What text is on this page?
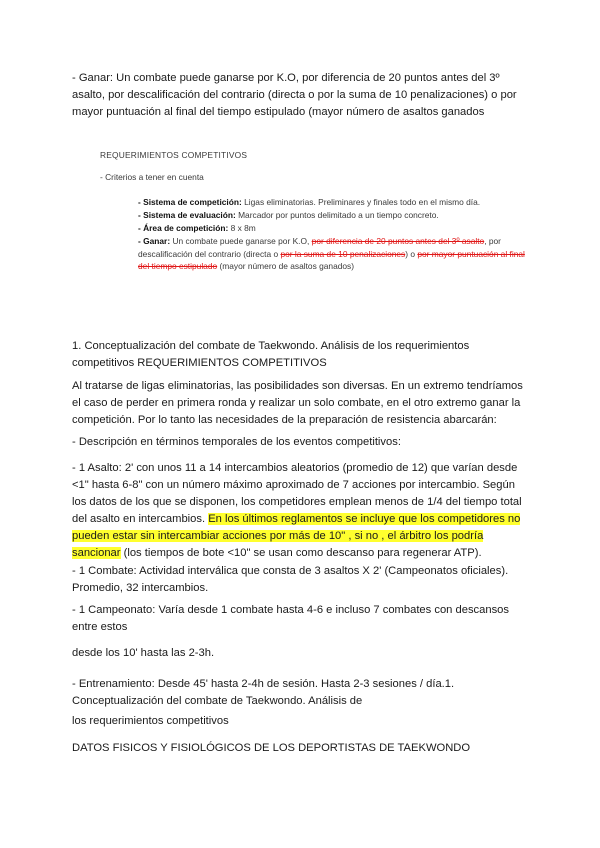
- Ganar: Un combate puede ganarse por K.O, por diferencia de 20 puntos antes del 3º asalto, por descalificación del contrario (directa o por la suma de 10 penalizaciones) o por mayor puntuación al final del tiempo estipulado (mayor número de asaltos ganados

REQUERIMIENTOS COMPETITIVOS

- Criterios a tener en cuenta

- Sistema de competición: Ligas eliminatorias. Preliminares y finales todo en el mismo día.

- Sistema de evaluación: Marcador por puntos delimitado a un tiempo concreto.

- Área de competición: 8 x 8m

- Ganar: Un combate puede ganarse por K.O, por diferencia de 20 puntos antes del 3º asalto, por descalificación del contrario (directa o por la suma de 10 penalizaciones) o por mayor puntuación al final del tiempo estipulado (mayor número de asaltos ganados)

1. Conceptualización del combate de Taekwondo. Análisis de los requerimientos competitivos REQUERIMIENTOS COMPETITIVOS

Al tratarse de ligas eliminatorias, las posibilidades son diversas. En un extremo tendríamos el caso de perder en primera ronda y realizar un solo combate, en el otro extremo ganar la competición. Por lo tanto las necesidades de la preparación de resistencia abarcarán:

- Descripción en términos temporales de los eventos competitivos:

- 1 Asalto: 2' con unos 11 a 14 intercambios aleatorios (promedio de 12) que varían desde <1" hasta 6-8" con un número máximo aproximado de 7 acciones por intercambio. Según los datos de los que se disponen, los competidores emplean menos de 1/4 del tiempo total del asalto en intercambios. En los últimos reglamentos se incluye que los competidores no pueden estar sin intercambiar acciones por más de 10" , si no , el árbitro los podría sancionar (los tiempos de bote <10" se usan como descanso para regenerar ATP).

- 1 Combate: Actividad interválica que consta de 3 asaltos X 2' (Campeonatos oficiales). Promedio, 32 intercambios.

- 1 Campeonato: Varía desde 1 combate hasta 4-6 e incluso 7 combates con descansos entre estos

desde los 10' hasta las 2-3h.

- Entrenamiento: Desde 45' hasta 2-4h de sesión. Hasta 2-3 sesiones / día.1. Conceptualización del combate de Taekwondo. Análisis de

los requerimientos competitivos

DATOS FISICOS Y FISIOLÓGICOS DE LOS DEPORTISTAS DE TAEKWONDO
